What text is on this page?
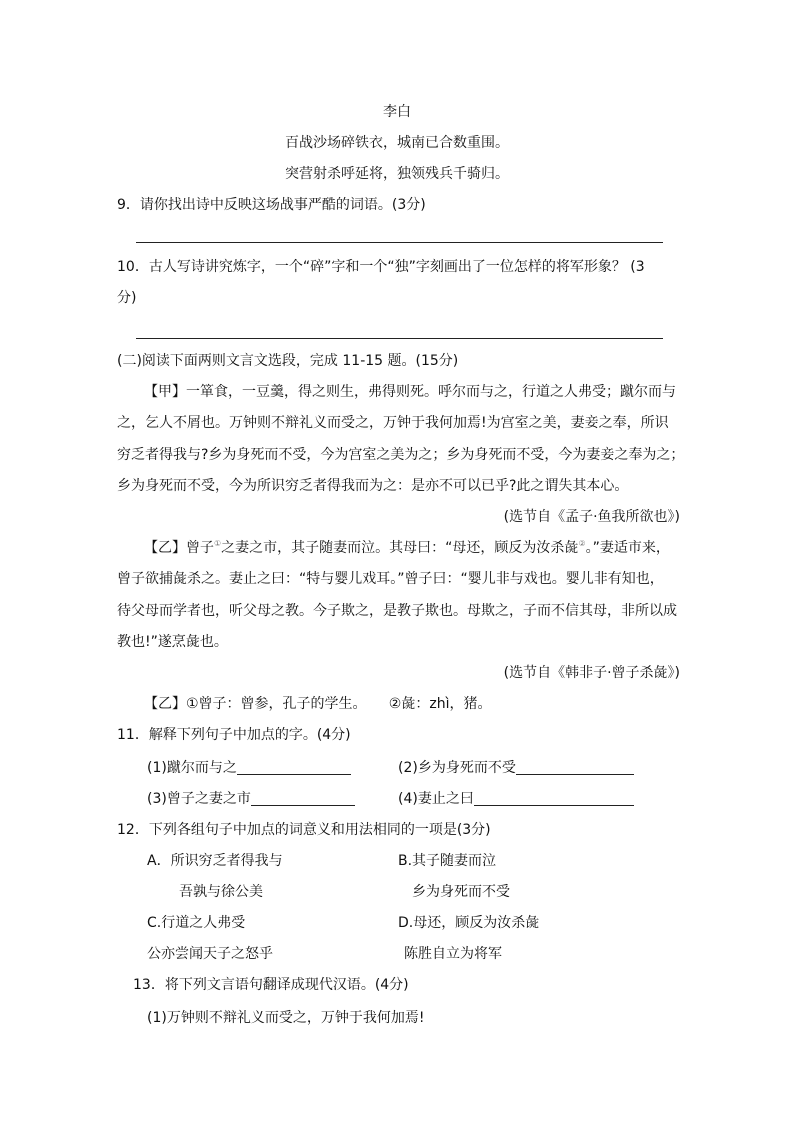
李白
百战沙场碎铁衣，城南已合数重围。
突营射杀呼延将，独领残兵千骑归。
9．请你找出诗中反映这场战事严酷的词语。(3分)
10．古人写诗讲究炼字，一个“碎”字和一个“独”字刻画出了一位怎样的将军形象？ (3
分)
(二)阅读下面两则文言文选段，完成 11-15 题。(15分)
【甲】一箪食，一豆羹，得之则生，弗得则死。呼尔而与之，行道之人弗受；蹴尔而与
之，乞人不屑也。万钟则不辩礼义而受之，万钟于我何加焉!为宫室之美，妻妾之奉，所识
穷乏者得我与?乡为身死而不受，今为宫室之美为之；乡为身死而不受，今为妻妾之奉为之；
乡为身死而不受，今为所识穷乏者得我而为之：是亦不可以已乎?此之谓失其本心。
(选节自《孟子·鱼我所欲也》)
【乙】曾子①之妻之市，其子随妻而泣。其母曰：“母还，顾反为汝杀彘②。”妻适市来，
曾子欲捕彘杀之。妻止之曰：“特与婴儿戏耳。”曾子曰：“婴儿非与戏也。婴儿非有知也，
待父母而学者也，听父母之教。今子欺之，是教子欺也。母欺之，子而不信其母，非所以成
教也!”遂烹彘也。
(选节自《韩非子·曾子杀彘》)
【乙】①曾子：曾参，孔子的学生。     ②彘：zhì，猪。
11．解释下列句子中加点的字。(4分)
(1)蹴尔而与之	(2)乡为身死而不受
(3)曾子之妻之市	(4)妻止之曰
12．下列各组句子中加点的词意义和用法相同的一项是(3分)
A．所识穷乏者得我与	B.其子随妻而泣
吾孰与徐公美	乡为身死而不受
C.行道之人弗受	D.母还，顾反为汝杀彘
公亦尝闻天子之怒乎	陈胜自立为将军
13．将下列文言语句翻译成现代汉语。(4分)
(1)万钟则不辩礼义而受之，万钟于我何加焉!
